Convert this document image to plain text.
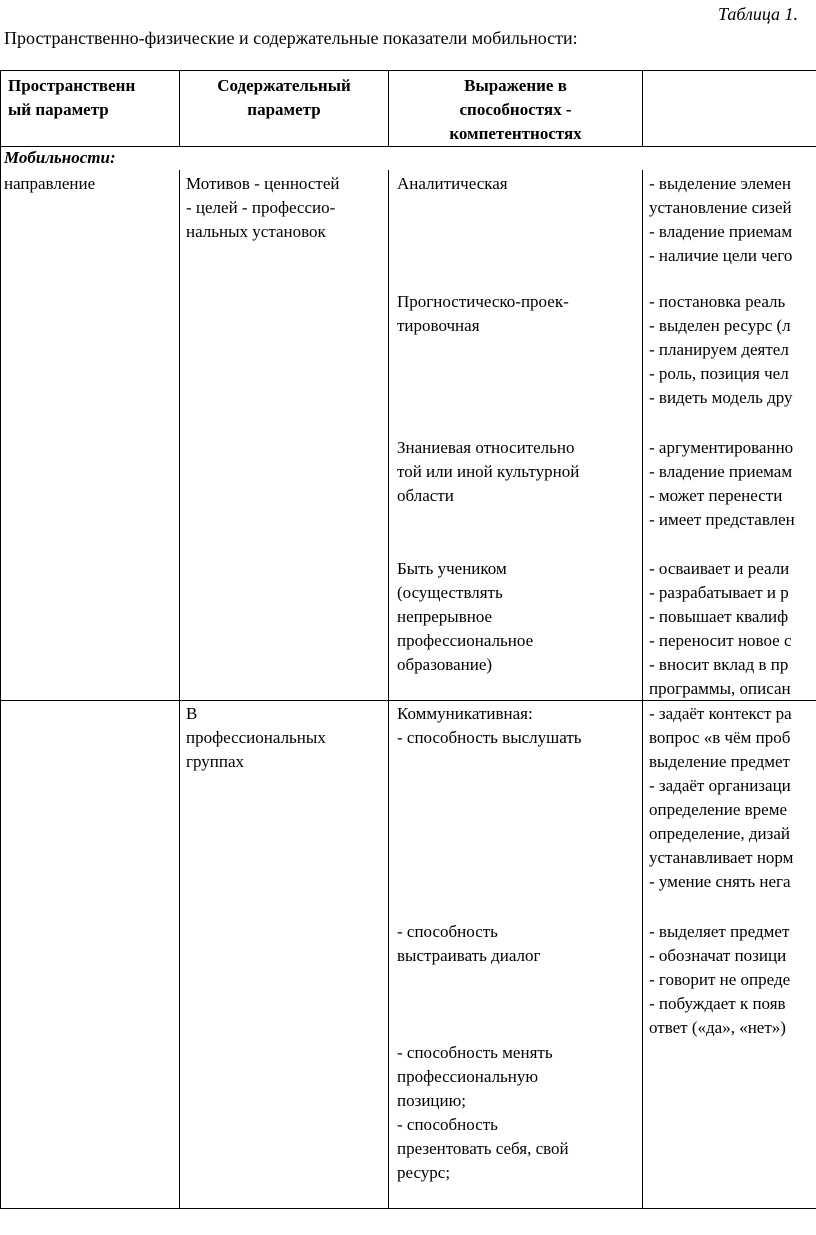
Таблица 1.
Пространственно-физические и содержательные показатели мобильности:
Пространственн
ый параметр
Содержательный
параметр
Выражение в
способностях -
компетентностях
Мобильности:
направление	Мотивов - ценностей
- целей - профессио-
нальных установок
Аналитическая	- выделение элемен
установление сизей
- владение приемам
- наличие цели чего
Прогностическо-проек-
тировочная
- постановка реаль
- выделен ресурс (л
- планируем деятел
- роль, позиция чел
- видеть модель дру
Знаниевая относительно
той или иной культурной
области
- аргументированно
- владение приемам
- может перенести
- имеет представлен
Быть учеником
(осуществлять
непрерывное
профессиональное
образование)
- осваивает и реали
- разрабатывает и р
- повышает квалиф
- переносит новое с
- вносит вклад в пр
программы, описан
В
профессиональных
группах
Коммуникативная:
- способность выслушать
- задаёт контекст ра
вопрос «в чём проб
выделение предмет
- задаёт организаци
определение време
определение, дизай
устанавливает норм
- умение снять нега
- способность
выстраивать диалог
- выделяет предмет
- обозначат позици
- говорит не опреде
- побуждает к появ
ответ («да», «нет»)
- способность менять
профессиональную
позицию;
- способность
презентовать себя, свой
ресурс;
